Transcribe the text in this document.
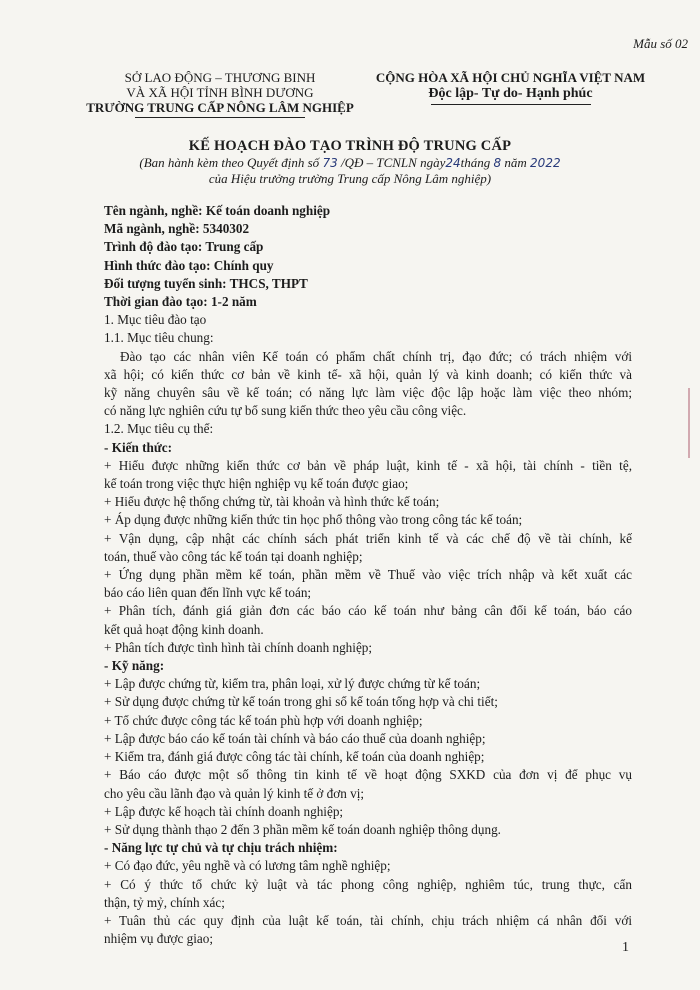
Mẫu số 02
SỞ LAO ĐỘNG – THƯƠNG BINH
VÀ XÃ HỘI TỈNH BÌNH DƯƠNG
TRƯỜNG TRUNG CẤP NÔNG LÂM NGHIỆP
CỘNG HÒA XÃ HỘI CHỦ NGHĨA VIỆT NAM
Độc lập- Tự do- Hạnh phúc
KẾ HOẠCH ĐÀO TẠO TRÌNH ĐỘ TRUNG CẤP
(Ban hành kèm theo Quyết định số 73 /QĐ – TCNLN ngày24tháng 8 năm 2022
của Hiệu trưởng trường Trung cấp Nông Lâm nghiệp)
Tên ngành, nghề: Kế toán doanh nghiệp
Mã ngành, nghề: 5340302
Trình độ đào tạo: Trung cấp
Hình thức đào tạo: Chính quy
Đối tượng tuyển sinh: THCS, THPT
Thời gian đào tạo: 1-2 năm
1. Mục tiêu đào tạo
1.1. Mục tiêu chung:
Đào tạo các nhân viên Kế toán có phẩm chất chính trị, đạo đức; có trách nhiệm với
xã hội; có kiến thức cơ bản về kinh tế- xã hội, quản lý và kinh doanh; có kiến thức và
kỹ năng chuyên sâu về kế toán; có năng lực làm việc độc lập hoặc làm việc theo nhóm;
có năng lực nghiên cứu tự bổ sung kiến thức theo yêu cầu công việc.
1.2. Mục tiêu cụ thể:
- Kiến thức:
+ Hiểu được những kiến thức cơ bản về pháp luật, kinh tế - xã hội, tài chính - tiền tệ,
kế toán trong việc thực hiện nghiệp vụ kế toán được giao;
+ Hiểu được hệ thống chứng từ, tài khoản và hình thức kế toán;
+ Áp dụng được những kiến thức tin học phổ thông vào trong công tác kế toán;
+ Vận dụng, cập nhật các chính sách phát triển kinh tế và các chế độ về tài chính, kế
toán, thuế vào công tác kế toán tại doanh nghiệp;
+ Ứng dụng phần mềm kế toán, phần mềm về Thuế vào việc trích nhập và kết xuất các
báo cáo liên quan đến lĩnh vực kế toán;
+ Phân tích, đánh giá giản đơn các báo cáo kế toán như bảng cân đối kế toán, báo cáo
kết quả hoạt động kinh doanh.
+ Phân tích được tình hình tài chính doanh nghiệp;
- Kỹ năng:
+ Lập được chứng từ, kiểm tra, phân loại, xử lý được chứng từ kế toán;
+ Sử dụng được chứng từ kế toán trong ghi sổ kế toán tổng hợp và chi tiết;
+ Tổ chức được công tác kế toán phù hợp với doanh nghiệp;
+ Lập được báo cáo kế toán tài chính và báo cáo thuế của doanh nghiệp;
+ Kiểm tra, đánh giá được công tác tài chính, kế toán của doanh nghiệp;
+ Báo cáo được một số thông tin kinh tế về hoạt động SXKD của đơn vị để phục vụ
cho yêu cầu lãnh đạo và quản lý kinh tế ở đơn vị;
+ Lập được kế hoạch tài chính doanh nghiệp;
+ Sử dụng thành thạo 2 đến 3 phần mềm kế toán doanh nghiệp thông dụng.
- Năng lực tự chủ và tự chịu trách nhiệm:
+ Có đạo đức, yêu nghề và có lương tâm nghề nghiệp;
+ Có ý thức tổ chức kỷ luật và tác phong công nghiệp, nghiêm túc, trung thực, cẩn
thận, tỷ mỷ, chính xác;
+ Tuân thủ các quy định của luật kế toán, tài chính, chịu trách nhiệm cá nhân đối với
nhiệm vụ được giao;
1
